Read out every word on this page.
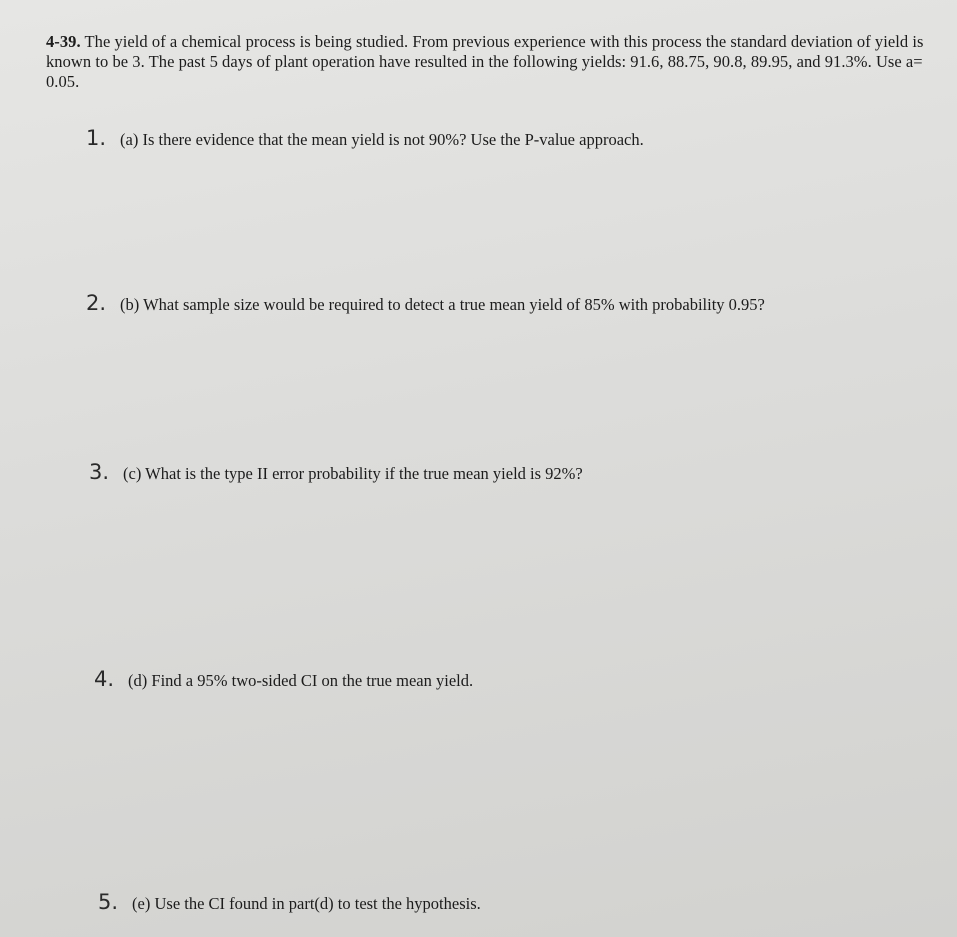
4-39. The yield of a chemical process is being studied. From previous experience with this process the standard deviation of yield is known to be 3. The past 5 days of plant operation have resulted in the following yields: 91.6, 88.75, 90.8, 89.95, and 91.3%. Use a= 0.05.
1. (a) Is there evidence that the mean yield is not 90%? Use the P-value approach.
2. (b) What sample size would be required to detect a true mean yield of 85% with probability 0.95?
3. (c) What is the type II error probability if the true mean yield is 92%?
4. (d) Find a 95% two-sided CI on the true mean yield.
5. (e) Use the CI found in part(d) to test the hypothesis.
